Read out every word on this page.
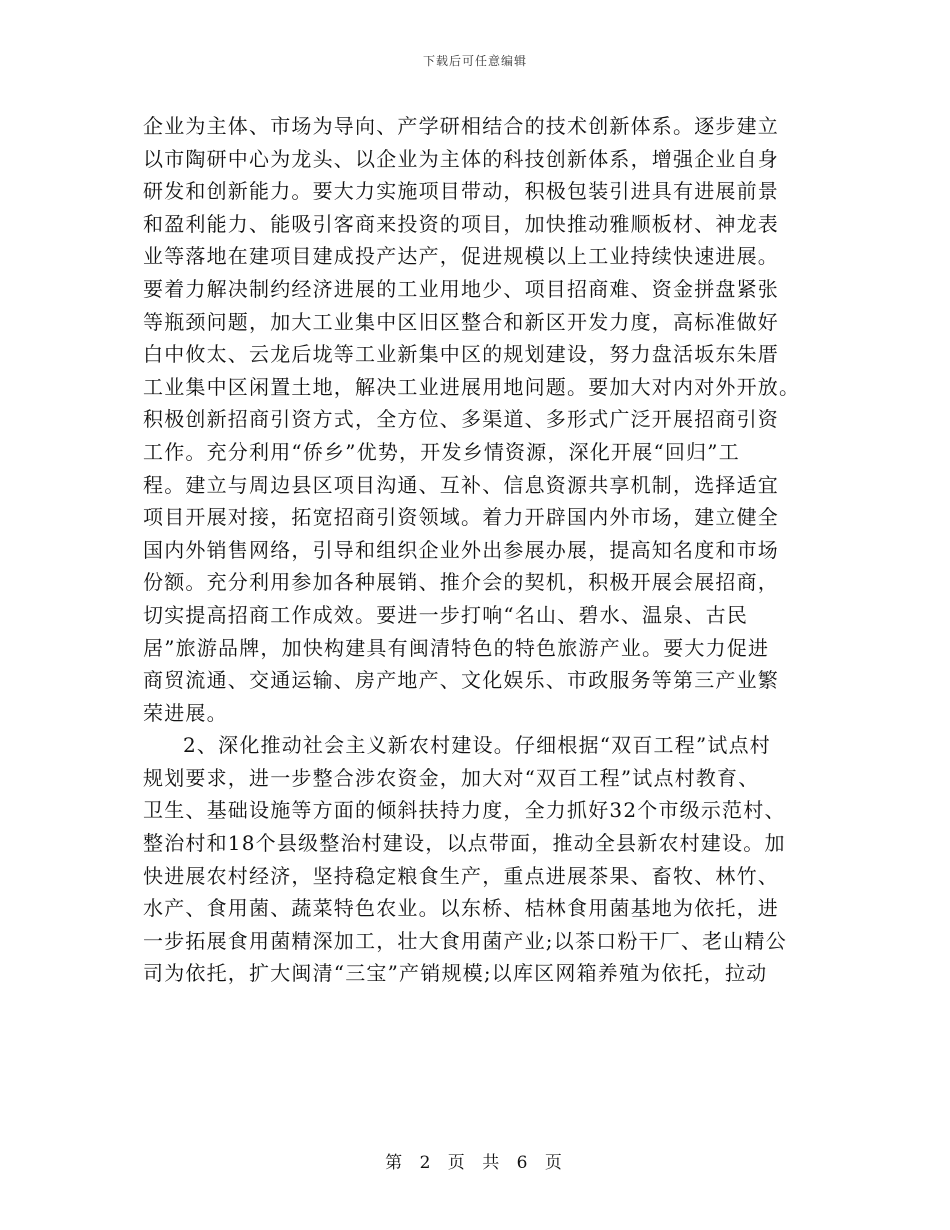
下载后可任意编辑
企业为主体、市场为导向、产学研相结合的技术创新体系。逐步建立
以市陶研中心为龙头、以企业为主体的科技创新体系，增强企业自身
研发和创新能力。要大力实施项目带动，积极包装引进具有进展前景
和盈利能力、能吸引客商来投资的项目，加快推动雅顺板材、神龙表
业等落地在建项目建成投产达产，促进规模以上工业持续快速进展。
要着力解决制约经济进展的工业用地少、项目招商难、资金拼盘紧张
等瓶颈问题，加大工业集中区旧区整合和新区开发力度，高标准做好
白中攸太、云龙后垅等工业新集中区的规划建设，努力盘活坂东朱厝
工业集中区闲置土地，解决工业进展用地问题。要加大对内对外开放。
积极创新招商引资方式，全方位、多渠道、多形式广泛开展招商引资
工作。充分利用“侨乡”优势，开发乡情资源，深化开展“回归”工
程。建立与周边县区项目沟通、互补、信息资源共享机制，选择适宜
项目开展对接，拓宽招商引资领域。着力开辟国内外市场，建立健全
国内外销售网络，引导和组织企业外出参展办展，提高知名度和市场
份额。充分利用参加各种展销、推介会的契机，积极开展会展招商，
切实提高招商工作成效。要进一步打响“名山、碧水、温泉、古民
居”旅游品牌，加快构建具有闽清特色的特色旅游产业。要大力促进
商贸流通、交通运输、房产地产、文化娱乐、市政服务等第三产业繁
荣进展。
2、深化推动社会主义新农村建设。仔细根据“双百工程”试点村
规划要求，进一步整合涉农资金，加大对“双百工程”试点村教育、
卫生、基础设施等方面的倾斜扶持力度，全力抓好32个市级示范村、
整治村和18个县级整治村建设，以点带面，推动全县新农村建设。加
快进展农村经济，坚持稳定粮食生产，重点进展茶果、畜牧、林竹、
水产、食用菌、蔬菜特色农业。以东桥、桔林食用菌基地为依托，进
一步拓展食用菌精深加工，壮大食用菌产业;以茶口粉干厂、老山精公
司为依托，扩大闽清“三宝”产销规模;以库区网箱养殖为依托，拉动
第 2 页 共 6 页
